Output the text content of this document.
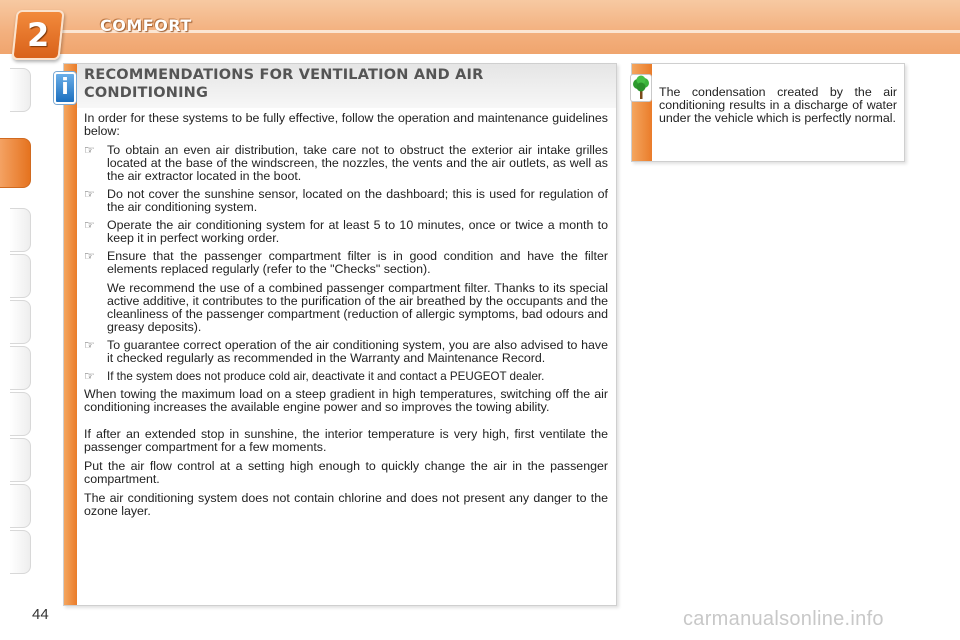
2	COMFORT
i	RECOMMENDATIONS FOR VENTILATION AND AIR CONDITIONING

In order for these systems to be fully effective, follow the operation and maintenance guidelines below:

☞ To obtain an even air distribution, take care not to obstruct the exterior air intake grilles located at the base of the windscreen, the nozzles, the vents and the air outlets, as well as the air extractor located in the boot.
☞ Do not cover the sunshine sensor, located on the dashboard; this is used for regulation of the air conditioning system.
☞ Operate the air conditioning system for at least 5 to 10 minutes, once or twice a month to keep it in perfect working order.
☞ Ensure that the passenger compartment filter is in good condition and have the filter elements replaced regularly (refer to the "Checks" section).

We recommend the use of a combined passenger compartment filter. Thanks to its special active additive, it contributes to the purification of the air breathed by the occupants and the cleanliness of the passenger compartment (reduction of allergic symptoms, bad odours and greasy deposits).

☞ To guarantee correct operation of the air conditioning system, you are also advised to have it checked regularly as recommended in the Warranty and Maintenance Record.
☞ If the system does not produce cold air, deactivate it and contact a PEUGEOT dealer.

When towing the maximum load on a steep gradient in high temperatures, switching off the air conditioning increases the available engine power and so improves the towing ability.

If after an extended stop in sunshine, the interior temperature is very high, first ventilate the passenger compartment for a few moments.

Put the air flow control at a setting high enough to quickly change the air in the passenger compartment.

The air conditioning system does not contain chlorine and does not present any danger to the ozone layer.

The condensation created by the air conditioning results in a discharge of water under the vehicle which is perfectly normal.
44	carmanualsonline.info
